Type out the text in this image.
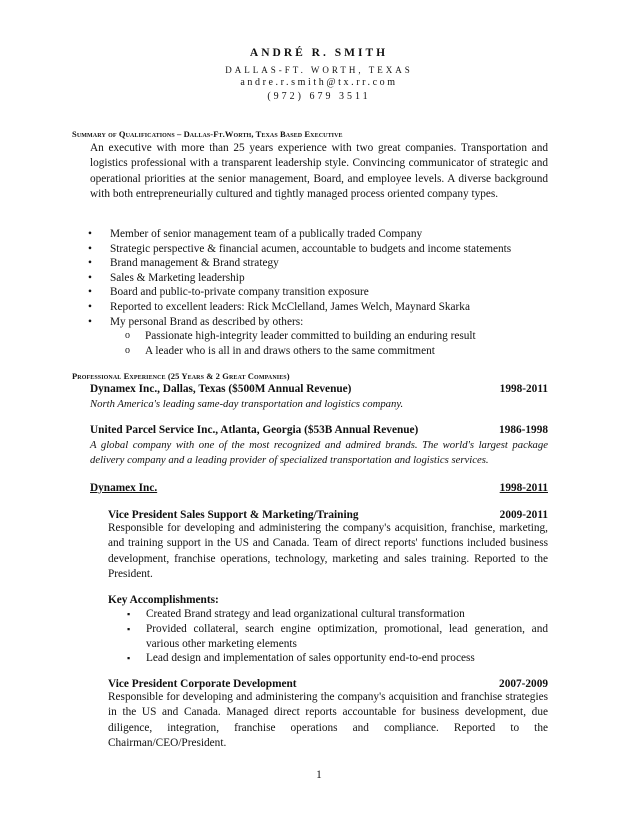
ANDRÉ R. SMITH
DALLAS-FT. WORTH, TEXAS
andre.r.smith@tx.rr.com
(972) 679 3511
Summary of Qualifications – Dallas-Ft.Worth, Texas Based Executive
An executive with more than 25 years experience with two great companies. Transportation and logistics professional with a transparent leadership style. Convincing communicator of strategic and operational priorities at the senior management, Board, and employee levels. A diverse background with both entrepreneurially cultured and tightly managed process oriented company types.
• Member of senior management team of a publically traded Company
• Strategic perspective & financial acumen, accountable to budgets and income statements
• Brand management & Brand strategy
• Sales & Marketing leadership
• Board and public-to-private company transition exposure
• Reported to excellent leaders: Rick McClelland, James Welch, Maynard Skarka
• My personal Brand as described by others:
o Passionate high-integrity leader committed to building an enduring result
o A leader who is all in and draws others to the same commitment
Professional Experience (25 Years & 2 Great Companies)
Dynamex Inc., Dallas, Texas ($500M Annual Revenue)	1998-2011
North America's leading same-day transportation and logistics company.
United Parcel Service Inc., Atlanta, Georgia ($53B Annual Revenue)	1986-1998
A global company with one of the most recognized and admired brands. The world's largest package delivery company and a leading provider of specialized transportation and logistics services.
Dynamex Inc.	1998-2011
Vice President Sales Support & Marketing/Training	2009-2011
Responsible for developing and administering the company's acquisition, franchise, marketing, and training support in the US and Canada. Team of direct reports' functions included business development, franchise operations, technology, marketing and sales training. Reported to the President.
Key Accomplishments:
▪ Created Brand strategy and lead organizational cultural transformation
▪ Provided collateral, search engine optimization, promotional, lead generation, and various other marketing elements
▪ Lead design and implementation of sales opportunity end-to-end process
Vice President Corporate Development	2007-2009
Responsible for developing and administering the company's acquisition and franchise strategies in the US and Canada. Managed direct reports accountable for business development, due diligence, integration, franchise operations and compliance. Reported to the Chairman/CEO/President.
1
